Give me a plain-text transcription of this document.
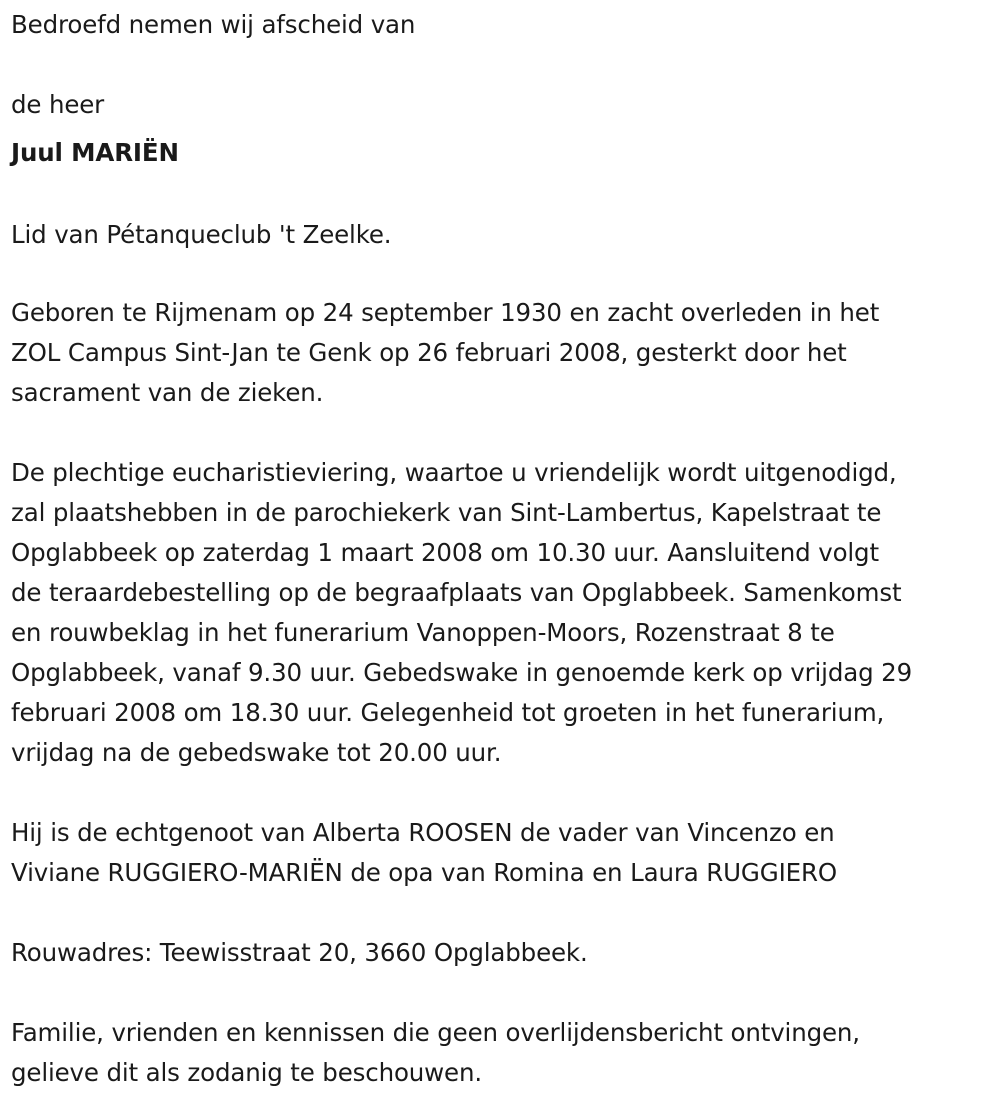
Bedroefd nemen wij afscheid van
de heer
Juul MARIËN
Lid van Pétanqueclub 't Zeelke.
Geboren te Rijmenam op 24 september 1930 en zacht overleden in het
ZOL Campus Sint-Jan te Genk op 26 februari 2008, gesterkt door het
sacrament van de zieken.
De plechtige eucharistieviering, waartoe u vriendelijk wordt uitgenodigd,
zal plaatshebben in de parochiekerk van Sint-Lambertus, Kapelstraat te
Opglabbeek op zaterdag 1 maart 2008 om 10.30 uur. Aansluitend volgt
de teraardebestelling op de begraafplaats van Opglabbeek. Samenkomst
en rouwbeklag in het funerarium Vanoppen-Moors, Rozenstraat 8 te
Opglabbeek, vanaf 9.30 uur. Gebedswake in genoemde kerk op vrijdag 29
februari 2008 om 18.30 uur. Gelegenheid tot groeten in het funerarium,
vrijdag na de gebedswake tot 20.00 uur.
Hij is de echtgenoot van Alberta ROOSEN de vader van Vincenzo en
Viviane RUGGIERO-MARIËN de opa van Romina en Laura RUGGIERO
Rouwadres: Teewisstraat 20, 3660 Opglabbeek.
Familie, vrienden en kennissen die geen overlijdensbericht ontvingen,
gelieve dit als zodanig te beschouwen.
